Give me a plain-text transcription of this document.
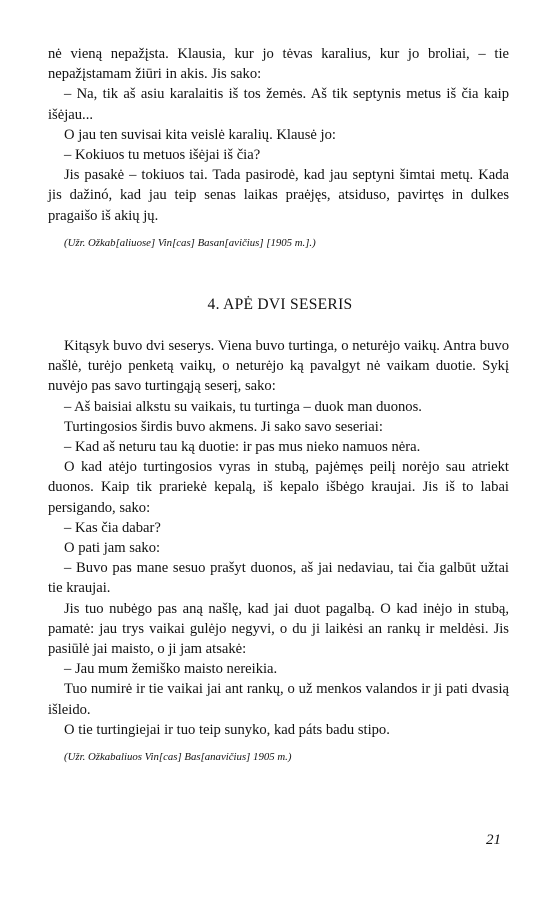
nė vieną nepažįsta. Klausia, kur jo tėvas karalius, kur jo broliai, – tie nepažįstamam žiūri in akis. Jis sako:

– Na, tik aš asiu karalaitis iš tos žemės. Aš tik septynis metus iš čia kaip išėjau...

O jau ten suvisai kita veislė karalių. Klausė jo:

– Kokiuos tu metuos išėjai iš čia?

Jis pasakė – tokiuos tai. Tada pasirodė, kad jau septyni šimtai metų. Kada jis dažinó, kad jau teip senas laikas praėjęs, atsiduso, pavirtęs in dulkes pragaišo iš akių jų.

(Užr. Ožkab[aliuose] Vin[cas] Basan[avičius] [1905 m.].)

4. APĖ DVI SESERIS

Kitąsyk buvo dvi seserys. Viena buvo turtinga, o neturėjo vaikų. Antra buvo našlė, turėjo penketą vaikų, o neturėjo ką pavalgyt nė vaikam duotie. Sykį nuvėjo pas savo turtingąją seserį, sako:

– Aš baisiai alkstu su vaikais, tu turtinga – duok man duonos.

Turtingosios širdis buvo akmens. Ji sako savo seseriai:

– Kad aš neturu tau ką duotie: ir pas mus nieko namuos nėra.

O kad atėjo turtingosios vyras in stubą, pajėmęs peilį norėjo sau atriekt duonos. Kaip tik prariekė kepalą, iš kepalo išbėgo kraujai. Jis iš to labai persigando, sako:

– Kas čia dabar?

O pati jam sako:

– Buvo pas mane sesuo prašyt duonos, aš jai nedaviau, tai čia galbūt užtai tie kraujai.

Jis tuo nubėgo pas aną našlę, kad jai duot pagalbą. O kad inėjo in stubą, pamatė: jau trys vaikai gulėjo negyvi, o du ji laikėsi an rankų ir meldėsi. Jis pasiūlė jai maisto, o ji jam atsakė:

– Jau mum žemiško maisto nereikia.

Tuo numirė ir tie vaikai jai ant rankų, o už menkos valandos ir ji pati dvasią išleido.

O tie turtingiejai ir tuo teip sunyko, kad páts badu stipo.

(Užr. Ožkabaliuos Vin[cas] Bas[anavičius] 1905 m.)

21
